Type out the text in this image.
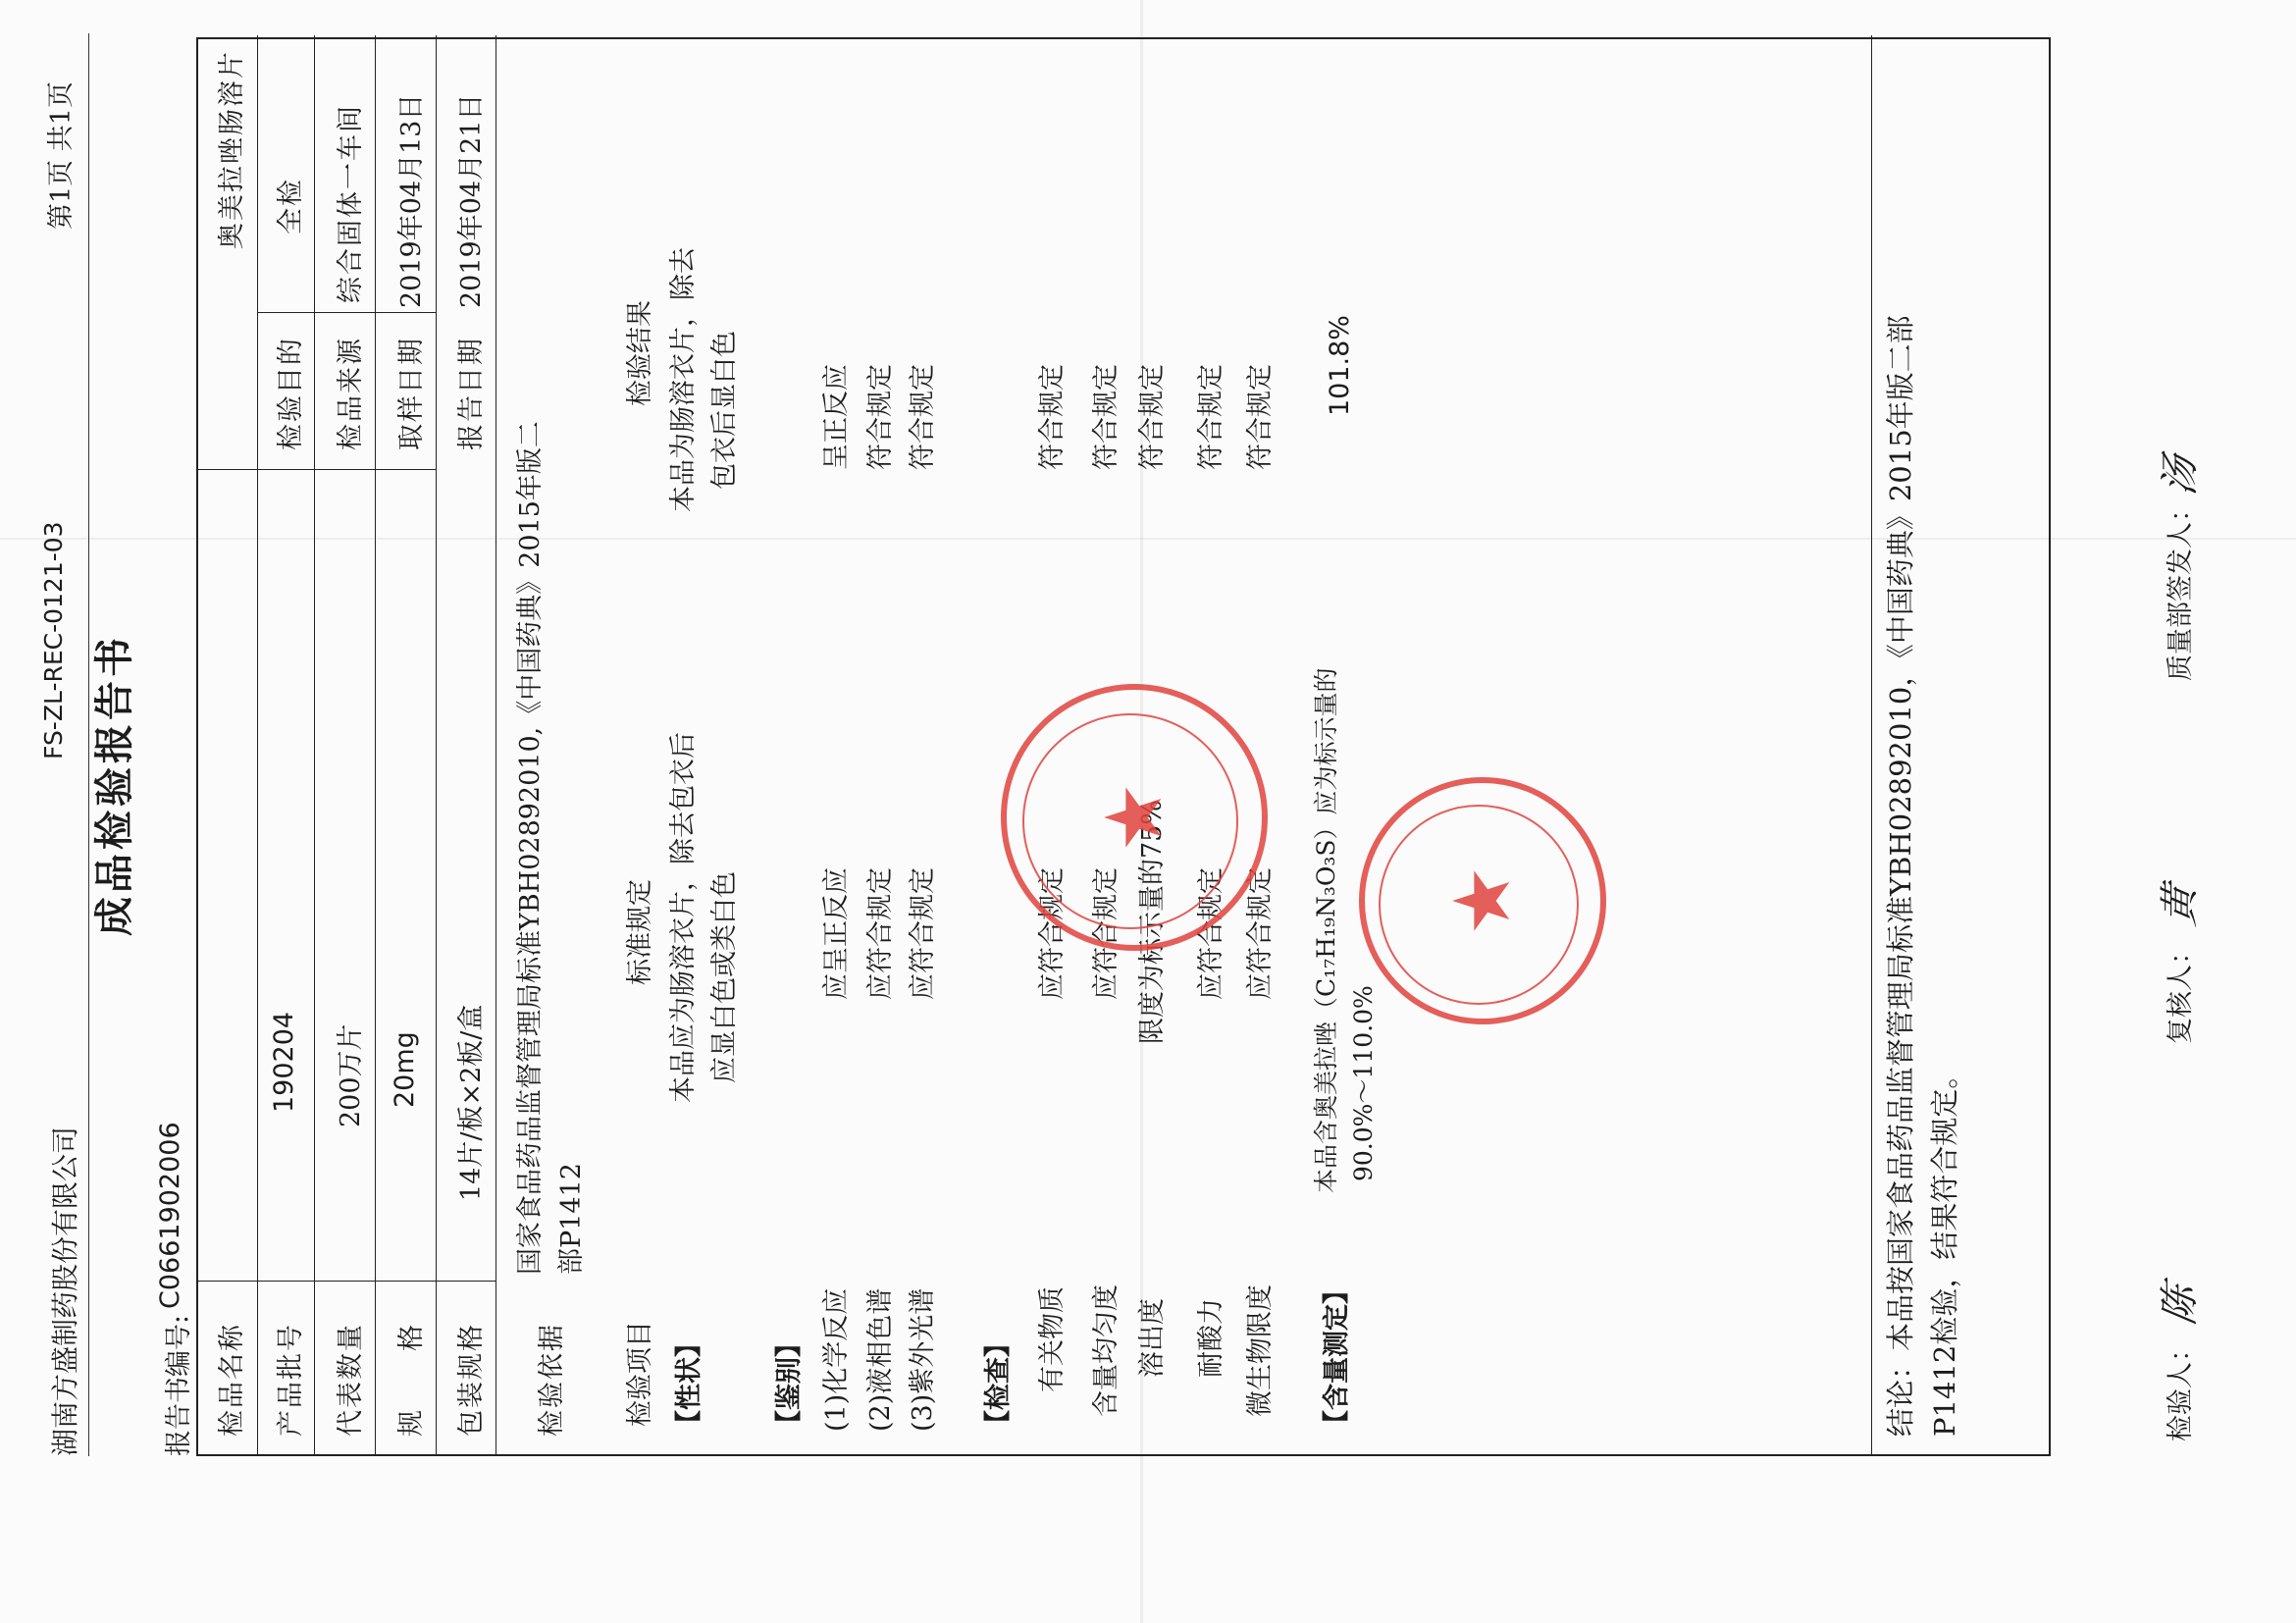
湖南方盛制药股份有限公司
FS-ZL-REC-0121-03
第1页 共1页
成品检验报告书
报告书编号:
C0661902006
检品名称
奥美拉唑肠溶片
产品批号
190204
检验目的
全检
代表数量
200万片
检品来源
综合固体一车间
规　　格
20mg
取样日期
2019年04月13日
包装规格
14片/板×2板/盒
报告日期
2019年04月21日
检验依据
国家食品药品监督管理局标准YBH02892010,《中国药典》2015年版二 部P1412
检验项目
标准规定
检验结果
【性状】
本品应为肠溶衣片，除去包衣后 应显白色或类白色
本品为肠溶衣片，除去 包衣后显白色
【鉴别】 (1)化学反应
应呈正反应
呈正反应
(2)液相色谱
应符合规定
符合规定
(3)紫外光谱
应符合规定
符合规定
【检查】 有关物质
应符合规定
符合规定
含量均匀度
应符合规定
符合规定
溶出度
限度为标示量的75%
符合规定
耐酸力
应符合规定
符合规定
微生物限度
应符合规定
符合规定
【含量测定】
本品含奥美拉唑（C₁₇H₁₉N₃O₃S）应为标示量的 90.0%～110.0%
101.8%	结论：本品按国家食品药品监督管理局标准YBH02892010，《中国药典》2015年版二部 P1412检验，结果符合规定。	检验人：
陈
复核人：
黄
质量部签发人：
汤
★
★
